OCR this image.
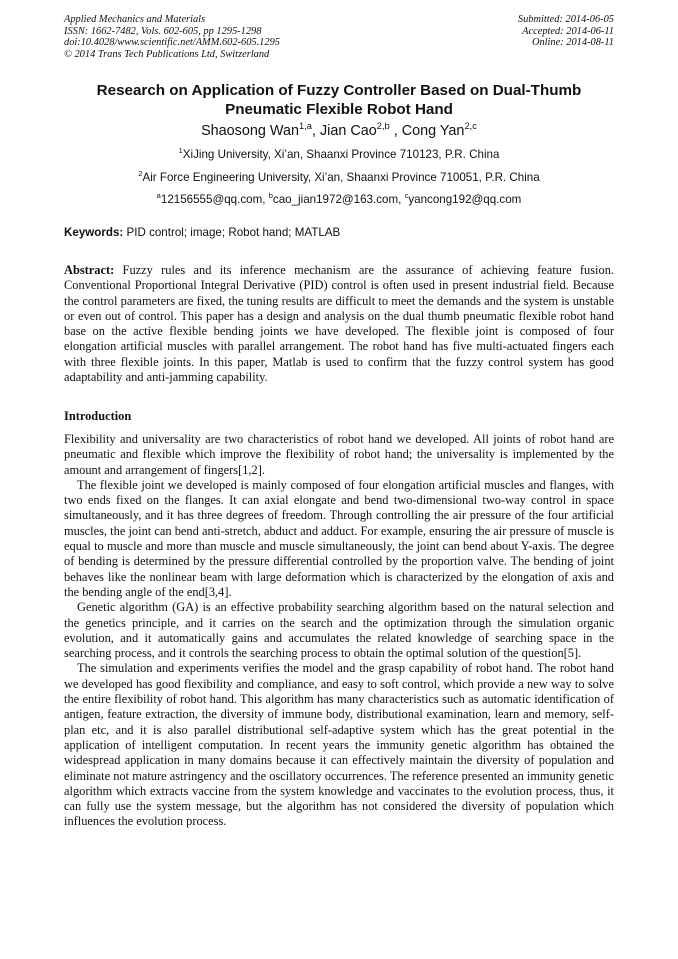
Applied Mechanics and Materials
ISSN: 1662-7482, Vols. 602-605, pp 1295-1298
doi:10.4028/www.scientific.net/AMM.602-605.1295
© 2014 Trans Tech Publications Ltd, Switzerland
Submitted: 2014-06-05
Accepted: 2014-06-11
Online: 2014-08-11
Research on Application of Fuzzy Controller Based on Dual-Thumb Pneumatic Flexible Robot Hand
Shaosong Wan$^{1,a}$, Jian Cao$^{2,b}$ , Cong Yan$^{2,c}$
$^1$XiJing University, Xi’an, Shaanxi Province 710123, P.R. China
$^2$Air Force Engineering University, Xi’an, Shaanxi Province 710051, P.R. China
$^a$12156555@qq.com, $^b$cao_jian1972@163.com, $^c$yancong192@qq.com
Keywords: PID control; image; Robot hand; MATLAB
Abstract: Fuzzy rules and its inference mechanism are the assurance of achieving feature fusion. Conventional Proportional Integral Derivative (PID) control is often used in present industrial field. Because the control parameters are fixed, the tuning results are difficult to meet the demands and the system is unstable or even out of control. This paper has a design and analysis on the dual thumb pneumatic flexible robot hand base on the active flexible bending joints we have developed. The flexible joint is composed of four elongation artificial muscles with parallel arrangement. The robot hand has five multi-actuated fingers each with three flexible joints. In this paper, Matlab is used to confirm that the fuzzy control system has good adaptability and anti-jamming capability.
Introduction

Flexibility and universality are two characteristics of robot hand we developed. All joints of robot hand are pneumatic and flexible which improve the flexibility of robot hand; the universality is implemented by the amount and arrangement of fingers[1,2].

The flexible joint we developed is mainly composed of four elongation artificial muscles and flanges, with two ends fixed on the flanges. It can axial elongate and bend two-dimensional two-way control in space simultaneously, and it has three degrees of freedom. Through controlling the air pressure of the four artificial muscles, the joint can bend anti-stretch, abduct and adduct. For example, ensuring the air pressure of muscle is equal to muscle and more than muscle and muscle simultaneously, the joint can bend about Y-axis. The degree of bending is determined by the pressure differential controlled by the proportion valve. The bending of joint behaves like the nonlinear beam with large deformation which is characterized by the elongation of axis and the bending angle of the end[3,4].

Genetic algorithm (GA) is an effective probability searching algorithm based on the natural selection and the genetics principle, and it carries on the search and the optimization through the simulation organic evolution, and it automatically gains and accumulates the related knowledge of searching space in the searching process, and it controls the searching process to obtain the optimal solution of the question[5].

The simulation and experiments verifies the model and the grasp capability of robot hand. The robot hand we developed has good flexibility and compliance, and easy to soft control, which provide a new way to solve the entire flexibility of robot hand. This algorithm has many characteristics such as automatic identification of antigen, feature extraction, the diversity of immune body, distributional examination, learn and memory, self-plan etc, and it is also parallel distributional self-adaptive system which has the great potential in the application of intelligent computation. In recent years the immunity genetic algorithm has obtained the widespread application in many domains because it can effectively maintain the diversity of population and eliminate not mature astringency and the oscillatory occurrences. The reference presented an immunity genetic algorithm which extracts vaccine from the system knowledge and vaccinates to the evolution process, thus, it can fully use the system message, but the algorithm has not considered the diversity of population which influences the evolution process.
